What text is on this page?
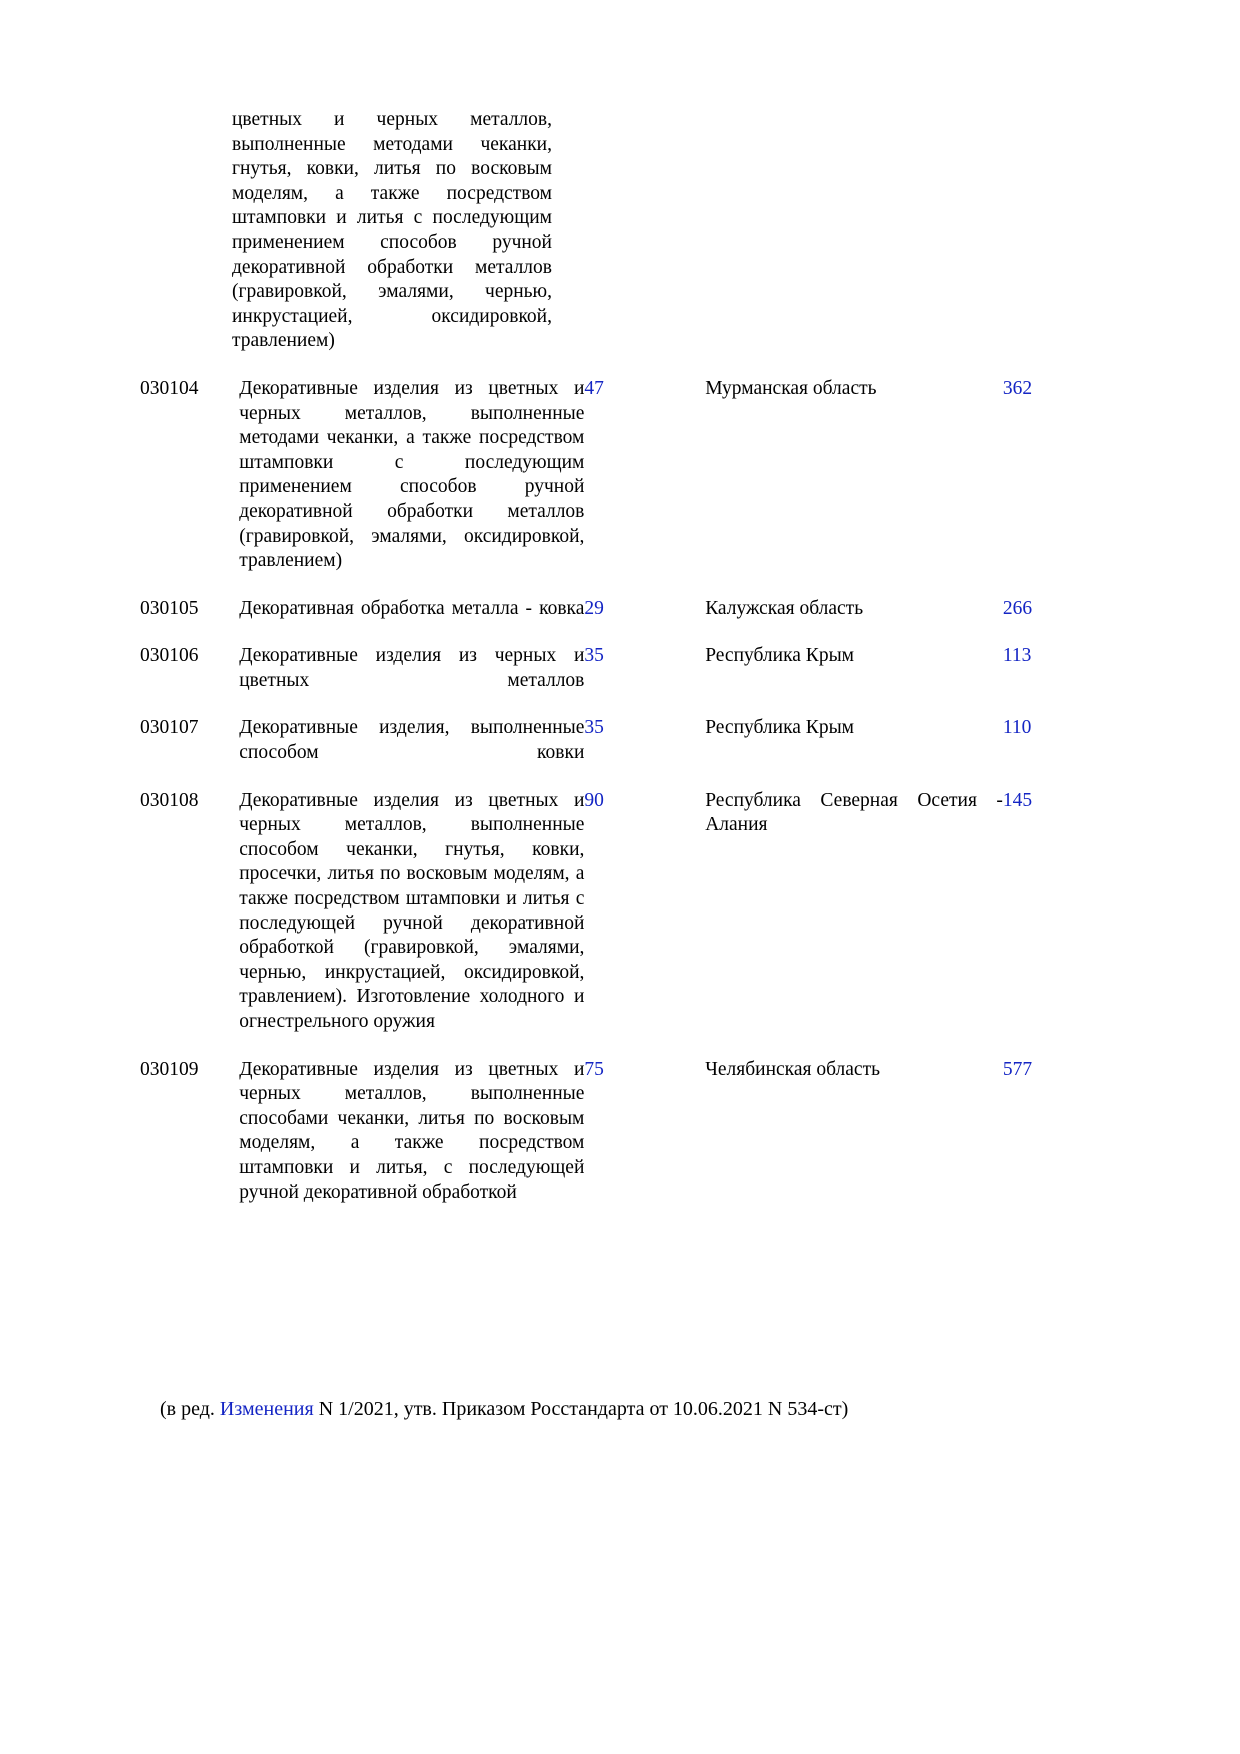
цветных и черных металлов, выполненные методами чеканки, гнутья, ковки, литья по восковым моделям, а также посредством штамповки и литья с последующим применением способов ручной декоративной обработки металлов (гравировкой, эмалями, чернью, инкрустацией, оксидировкой, травлением)
030104	Декоративные изделия из цветных и черных металлов, выполненные методами чеканки, а также посредством штамповки с последующим применением способов ручной декоративной обработки металлов (гравировкой, эмалями, оксидировкой, травлением)	47	Мурманская область	362
030105	Декоративная обработка металла - ковка	29	Калужская область	266
030106	Декоративные изделия из черных и цветных металлов	35	Республика Крым	113
030107	Декоративные изделия, выполненные способом ковки	35	Республика Крым	110
030108	Декоративные изделия из цветных и черных металлов, выполненные способом чеканки, гнутья, ковки, просечки, литья по восковым моделям, а также посредством штамповки и литья с последующей ручной декоративной обработкой (гравировкой, эмалями, чернью, инкрустацией, оксидировкой, травлением). Изготовление холодного и огнестрельного оружия	90	Республика Северная Осетия - Алания	145
030109	Декоративные изделия из цветных и черных металлов, выполненные способами чеканки, литья по восковым моделям, а также посредством штамповки и литья, с последующей ручной декоративной обработкой	75	Челябинская область	577
(в ред. Изменения N 1/2021, утв. Приказом Росстандарта от 10.06.2021 N 534-ст)
